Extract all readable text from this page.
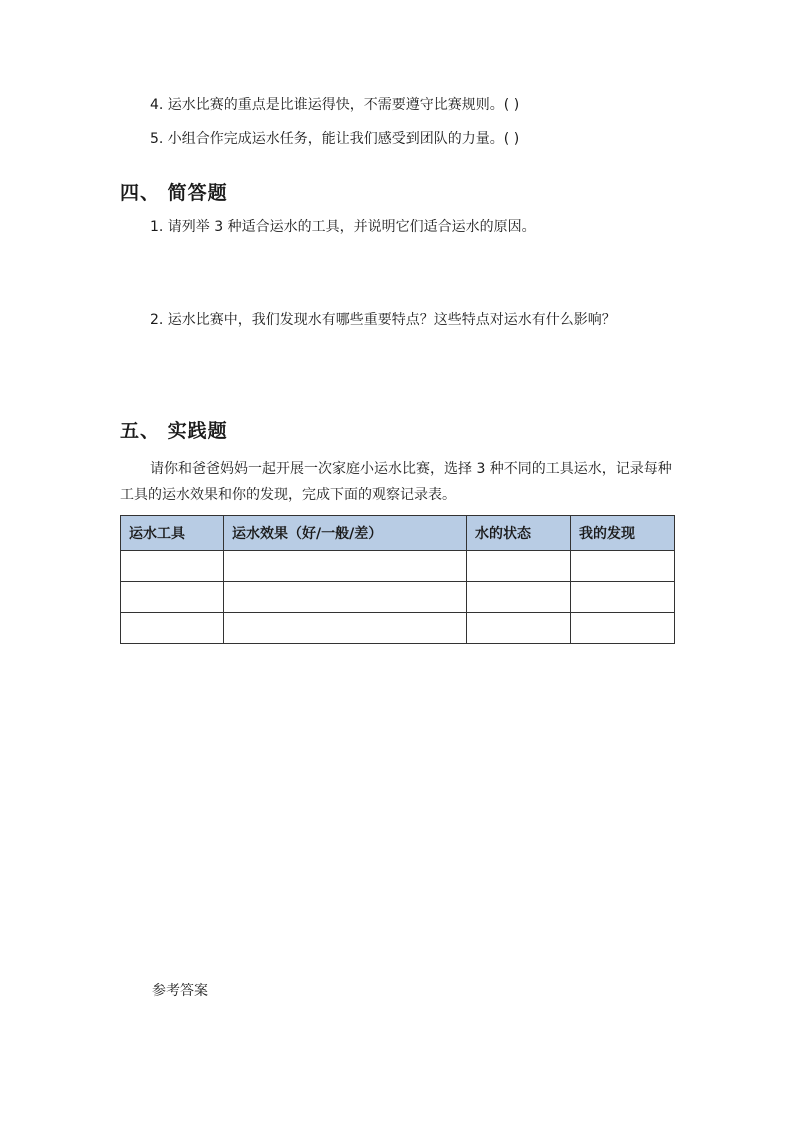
4. 运水比赛的重点是比谁运得快，不需要遵守比赛规则。( )
5. 小组合作完成运水任务，能让我们感受到团队的力量。( )
四、 简答题
1. 请列举 3 种适合运水的工具，并说明它们适合运水的原因。
2. 运水比赛中，我们发现水有哪些重要特点？这些特点对运水有什么影响？
五、 实践题
请你和爸爸妈妈一起开展一次家庭小运水比赛，选择 3 种不同的工具运水，记录每种工具的运水效果和你的发现，完成下面的观察记录表。
运水工具	运水效果（好/一般/差）	水的状态	我的发现

参考答案
